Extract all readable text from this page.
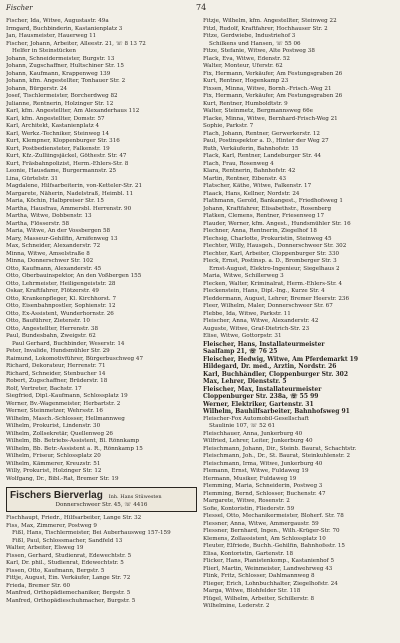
Fischer	74
Fischer, Ida, Witwe, Augustastr. 49a
Irmgard, Buchbinderin, Kastanienplatz 3
Jan, Hausmeister, Hauerweg 11
Fischer, Johann, Arbeiter, Alleestr. 21, ☏ 8 13 72
Helfer in Steinstücken
Johann, Schneidermeister, Burgstr. 13
Johann, Zugschaffner, Hultschiner Str. 15
Johann, Kaufmann, Krappenweg 139
Johann, kfm. Angestellter, Tonhauer Str. 2
Johann, Bürgerstr. 24
Josef, Tischlermeister, Borcherdweg 82
Julianne, Rentnerin, Holzinger Str. 12
Karl, kfm. Angestellter, Am Alexanderhaus 112
Karl, kfm. Angestellter, Domstr. 57
Karl, Architekt, Kastanienplatz 4
Karl, Werkz.-Techniker, Steinweg 14
Kurt, Klempner, Kloppenburger Str. 316
Kurt, Postbediensteter, Falkenstr. 19
Kurt, Kfz.-Zulliingsjäckel, Göthestr. Str. 47
Kurt, Fräsbahnpolizist, Herm.-Ehlers-Str. 8
Leonie, Hausdame, Burgermannstr. 25
Lina, Gürtelstr. 31
Magdalene, Hilfsarbeiterin, von-Ketteler-Str. 21
Margarete, Näherin, Nadelstraß, Heimbl. 11
Maria, Köchin, Halbpreiser Str. 15
Martha, Hausfrau, Ammersbl. Herrenstr. 90
Martha, Witwe, Dobbenstr. 13
Martha, Flösserstr. 58
Maria, Witwe, An der Vossbergen 58
Mary, Masseur-Gehilfin, Arnifenweg 13
Max, Schneider, Alexanderstr. 72
Minna, Witwe, Amselstraße 8
Minna, Donnerschwer Str. 102
Otto, Kaufmann, Alexanderstr. 45
Otto, Oberbauinspektor, An den Voßbergen 155
Otto, Lehrmeister, Heiligengeiststr. 28
Oskar, Kraftfahrer, Flötzerstr. 49
Otto, Krankenpfleger, Kl. Kirchhorst. 7
Otto, Eisenbahnpostler, Sophienstr. 12
Otto, Ex-Assistent, Wunderhornstr. 26
Otto, Bauführer, Zietenstr. 10
Otto, Angestellter, Herrenstr. 38
Paul, Bundesbahn, Zweigstr. 62
Paul Gerhard, Buchbinder, Weserstr. 14
Peter, Invalide, Hundsmühler Str. 29
Raimund, Lokomotivführer, Bürgerbuschweg 47
Richard, Dekorateur, Herrenstr. 71
Richard, Schneider, Stenbucher 14
Robert, Zugschaffner, Brüderstr. 18
Rolf, Vertreter, Bachstr. 17
Siegfried, Dipl.-Kaufmann, Schlossplatz 19
Werner, Bv.-Wagenmeister, Herbartstr. 2
Werner, Steinmetzer, Wehrsstr. 16
Wilhelm, Masch.-Schlosser, Hellmannweg
Wilhelm, Prokurist, Lindenstr. 30
Wilhelm, Zollsekretär, Quellenweg 26
Wilhelm, Bb. Betriebs-Assistent, Bl. Rönnkamp
Wilhelm, Bb. Betr.-Assistent a. R., Rönnkamp 15
Wilhelm, Friseur, Schlossplatz 20
Wilhelm, Kämmerer, Kreuzstr. 51
Willy, Prokurist, Holzinger Str. 12
Wolfgang, Dr., Bibl.-Rat, Bremer Str. 19
Fischers Bierverlag Inh. Hans Stüwesten
Donnerschweer Str. 45, ☏ 4416
Fischhaupt, Friedr., Hilfsarbeiter, Lange Str. 32
Fiss, Max, Zimmerer, Postweg 9
Fißl, Hans, Tischlermeister, Bei Auberhausweg 157-159
Fißl, Paul, Schlossmacher, Sandfeld 13
Walter, Arbeiter, Elsweg 19
Fissen, Gerhard, Studienrat, Edewechtstr. 5
Karl, Dr. phil., Studienrat, Edewechtstr. 5
Fissen, Otto, Kaufmann, Bergstr. 5
Fittje, August, Ein. Verkäufer, Lange Str. 72
Frieda, Bremer Str. 60
Manfred, Orthopädiemechaniker, Bergstr. 5
Manfred, Orthopädieschuhmacher, Burgstr. 5
Fitzje, Wilhelm, kfm. Angestellter, Steinweg 22
Fitzl, Rudolf, Kraftfahrer, Hochhauser Str. 2
Fitze, Gerdwiebe, Industriehof 3
Schilkens und Hansen, ☏ 55 06
Fitze, Stefanie, Witwe, Alte Postweg 38
Flack, Eva, Witwe, Edenstr. 52
Walter, Monteur, Uferstr. 62
Fix, Hermann, Verkäufer, Am Festungsgraben 26
Kurt, Rentner, Hogenkamp 23
Fixsen, Minna, Witwe, Bornh.-Frisch.-Weg 21
Fix, Hermann, Verkäufer, Am Festungsgraben 26
Kurt, Rentner, Humboldtstr. 9
Walter, Steinmetz, Bergmannsweg 66e
Flacke, Minna, Witwe, Bernhard-Frisch-Weg 21
Sophie, Parkstr. 7
Flach, Johann, Rentner, Gerwerkerstr. 12
Paul, Postinspektor a. D., Hinter der Weg 27
Ruth, Verkäuferin, Bahnhofstr. 15
Flack, Karl, Rentner, Landeburger Str. 44
Flach, Frau, Rosenweg 4
Klara, Rentnerin, Bahnhofstr. 42
Martin, Rentner, Eibenstr. 43
Flatscher, Käthe, Witwe, Falkenstr. 17
Flaack, Hans, Kellner, Nordstr. 24
Flathmann, Gerold, Bankangest., Friedhofsweg 1
Johann, Kraftfahrer, Elisabethstr., Rosenberg
Flatken, Clemens, Rentner, Friesenweg 17
Flauder, Werner, kfm. Angest., Hundsmühler Str. 16
Flechner, Anna, Rentnerin, Ziegelhof 18
Flechsig, Charlotte, Prokuristin, Steinweg 45
Flechter, Willy, Hausgeh., Donnerschweer Str. 302
Flechter, Karl, Arbeiter, Cloppenburger Str. 330
Fleck, Ernst, Postinsp. a. D., Bromberger Str. 3
Ernst-August, Elektro-Ingenieur, Siegelhaus 2
Maria, Witwe, Schillerweg 3
Flecken, Walter, Kriminalrat, Herm.-Ehlers-Str. 4
Fleckenstein, Hans, Dipl.-Ing., Kurze Str. 4
Fleddermann, August, Lehrer, Bremer Heerstr. 236
Fleer, Wilhelm, Maler, Donnerschweer Str. 67
Flebbe, Ida, Witwe, Parkstr. 11
Fleischer, Anna, Witwe, Alexanderstr. 42
Auguste, Witwe, Graf-Dietrich-Str. 23
Elise, Witwe, Gottorpstr. 31
Fleischer, Hans, Installateurmeister
Saalfamp 21, ☏ 76 25
Fleischer, Hedwig, Witwe, Am Pferdemarkt 19
Hildegard, Dr. med., Ärztin, Nordstr. 26
Karl, Buchhändler, Cloppenburger Str. 302
Max, Lehrer, Dienststr. 5
Fleischer, Max, Installateurmeister
Cloppenburger Str. 238a, ☏ 55 99
Werner, Elektriker, Gartenstr. 31
Wilhelm, Bauhilfsarbeiter, Bahnhofsweg 91
Fleischer-Fox Automobil-Gesellschaft
Staulinie 107, ☏ 52 61
Fleischhauer, Anna, Junkerburg 40
Wilfried, Lehrer, Leiter, Junkerburg 40
Fleischmann, Johann, Dir., Steinb. Baurat, Schachtstr.
Fleischmann, Joh., Dr., St. Baurat, Steinkuhlenstr. 2
Fleischmann, Irma, Witwe, Junkerburg 40
Flemann, Ernst, Witwe, Fuldaweg 19
Hermann, Musiker, Fuldaweg 19
Flemming, Maria, Schneiderin, Postweg 3
Flemming, Bernd, Schlosser, Buchenstr. 47
Margarete, Witwe, Rosenstr. 2
Sofie, Kontoristin, Fliederstr. 59
Flessel, Otto, Mechanikermeister, Bloherf. Str. 78
Flessner, Anna, Witwe, Ammergaustr. 59
Flessner, Bernhard, Ingen., Wilh.-Krüger-Str. 70
Klemens, Zollassistent, Am Schlossplatz 10
Fleuter, Elfriede, Buchh.-Gehilfin, Bahnhofsstr. 15
Elisa, Kontoristin, Gartenstr. 18
Flicker, Hans, Pianistenkomp., Kastanienhof 5
Flierl, Martin, Weinmeister, Landwehrweg 43
Flink, Fritz, Schlosser, Dahlmannweg 8
Flieger, Erich, Lohnbuchhalter, Ziegelhofstr. 24
Marga, Witwe, Blohfelder Str. 118
Flügel, Wilhelm, Arbeiter, Schillerstr. 8
Wilhelmine, Lederstr. 2
